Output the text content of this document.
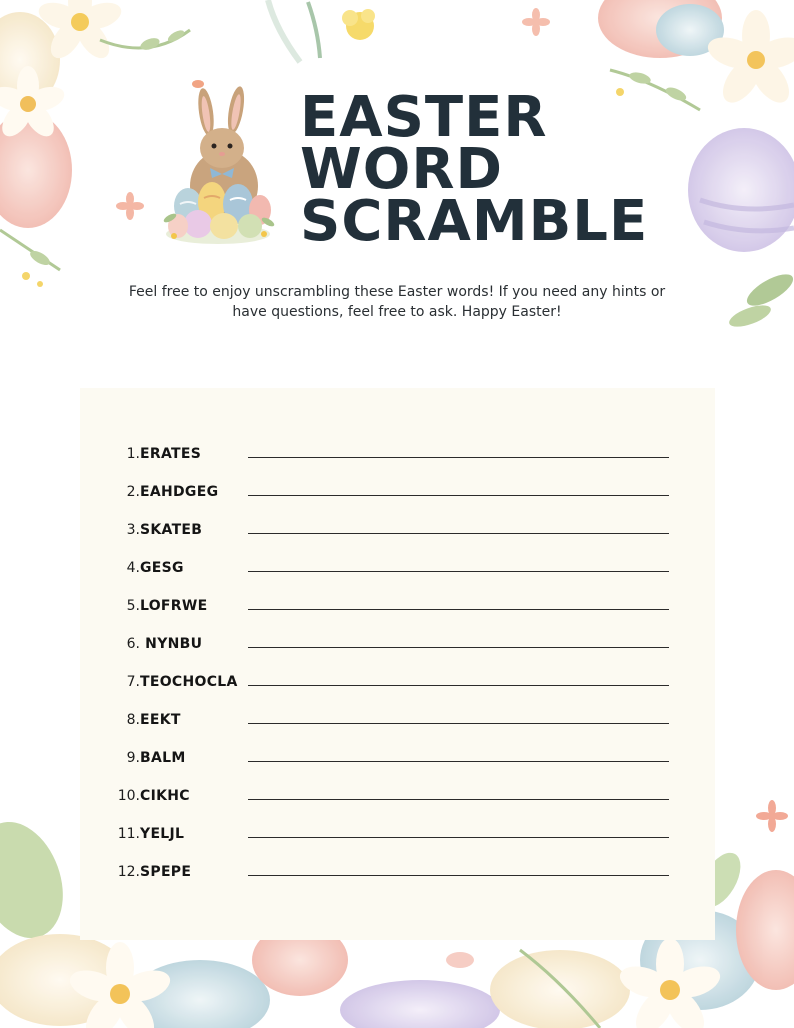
EASTER
WORD
SCRAMBLE

Feel free to enjoy unscrambling these Easter words! If you need any hints or
have questions, feel free to ask. Happy Easter!

1. ERATES
2. EAHDGEG
3. SKATEB
4. GESG
5. LOFRWE
6. NYNBU
7. TEOCHOCLA
8. EEKT
9. BALM
10. CIKHC
11. YELJL
12. SPEPE
